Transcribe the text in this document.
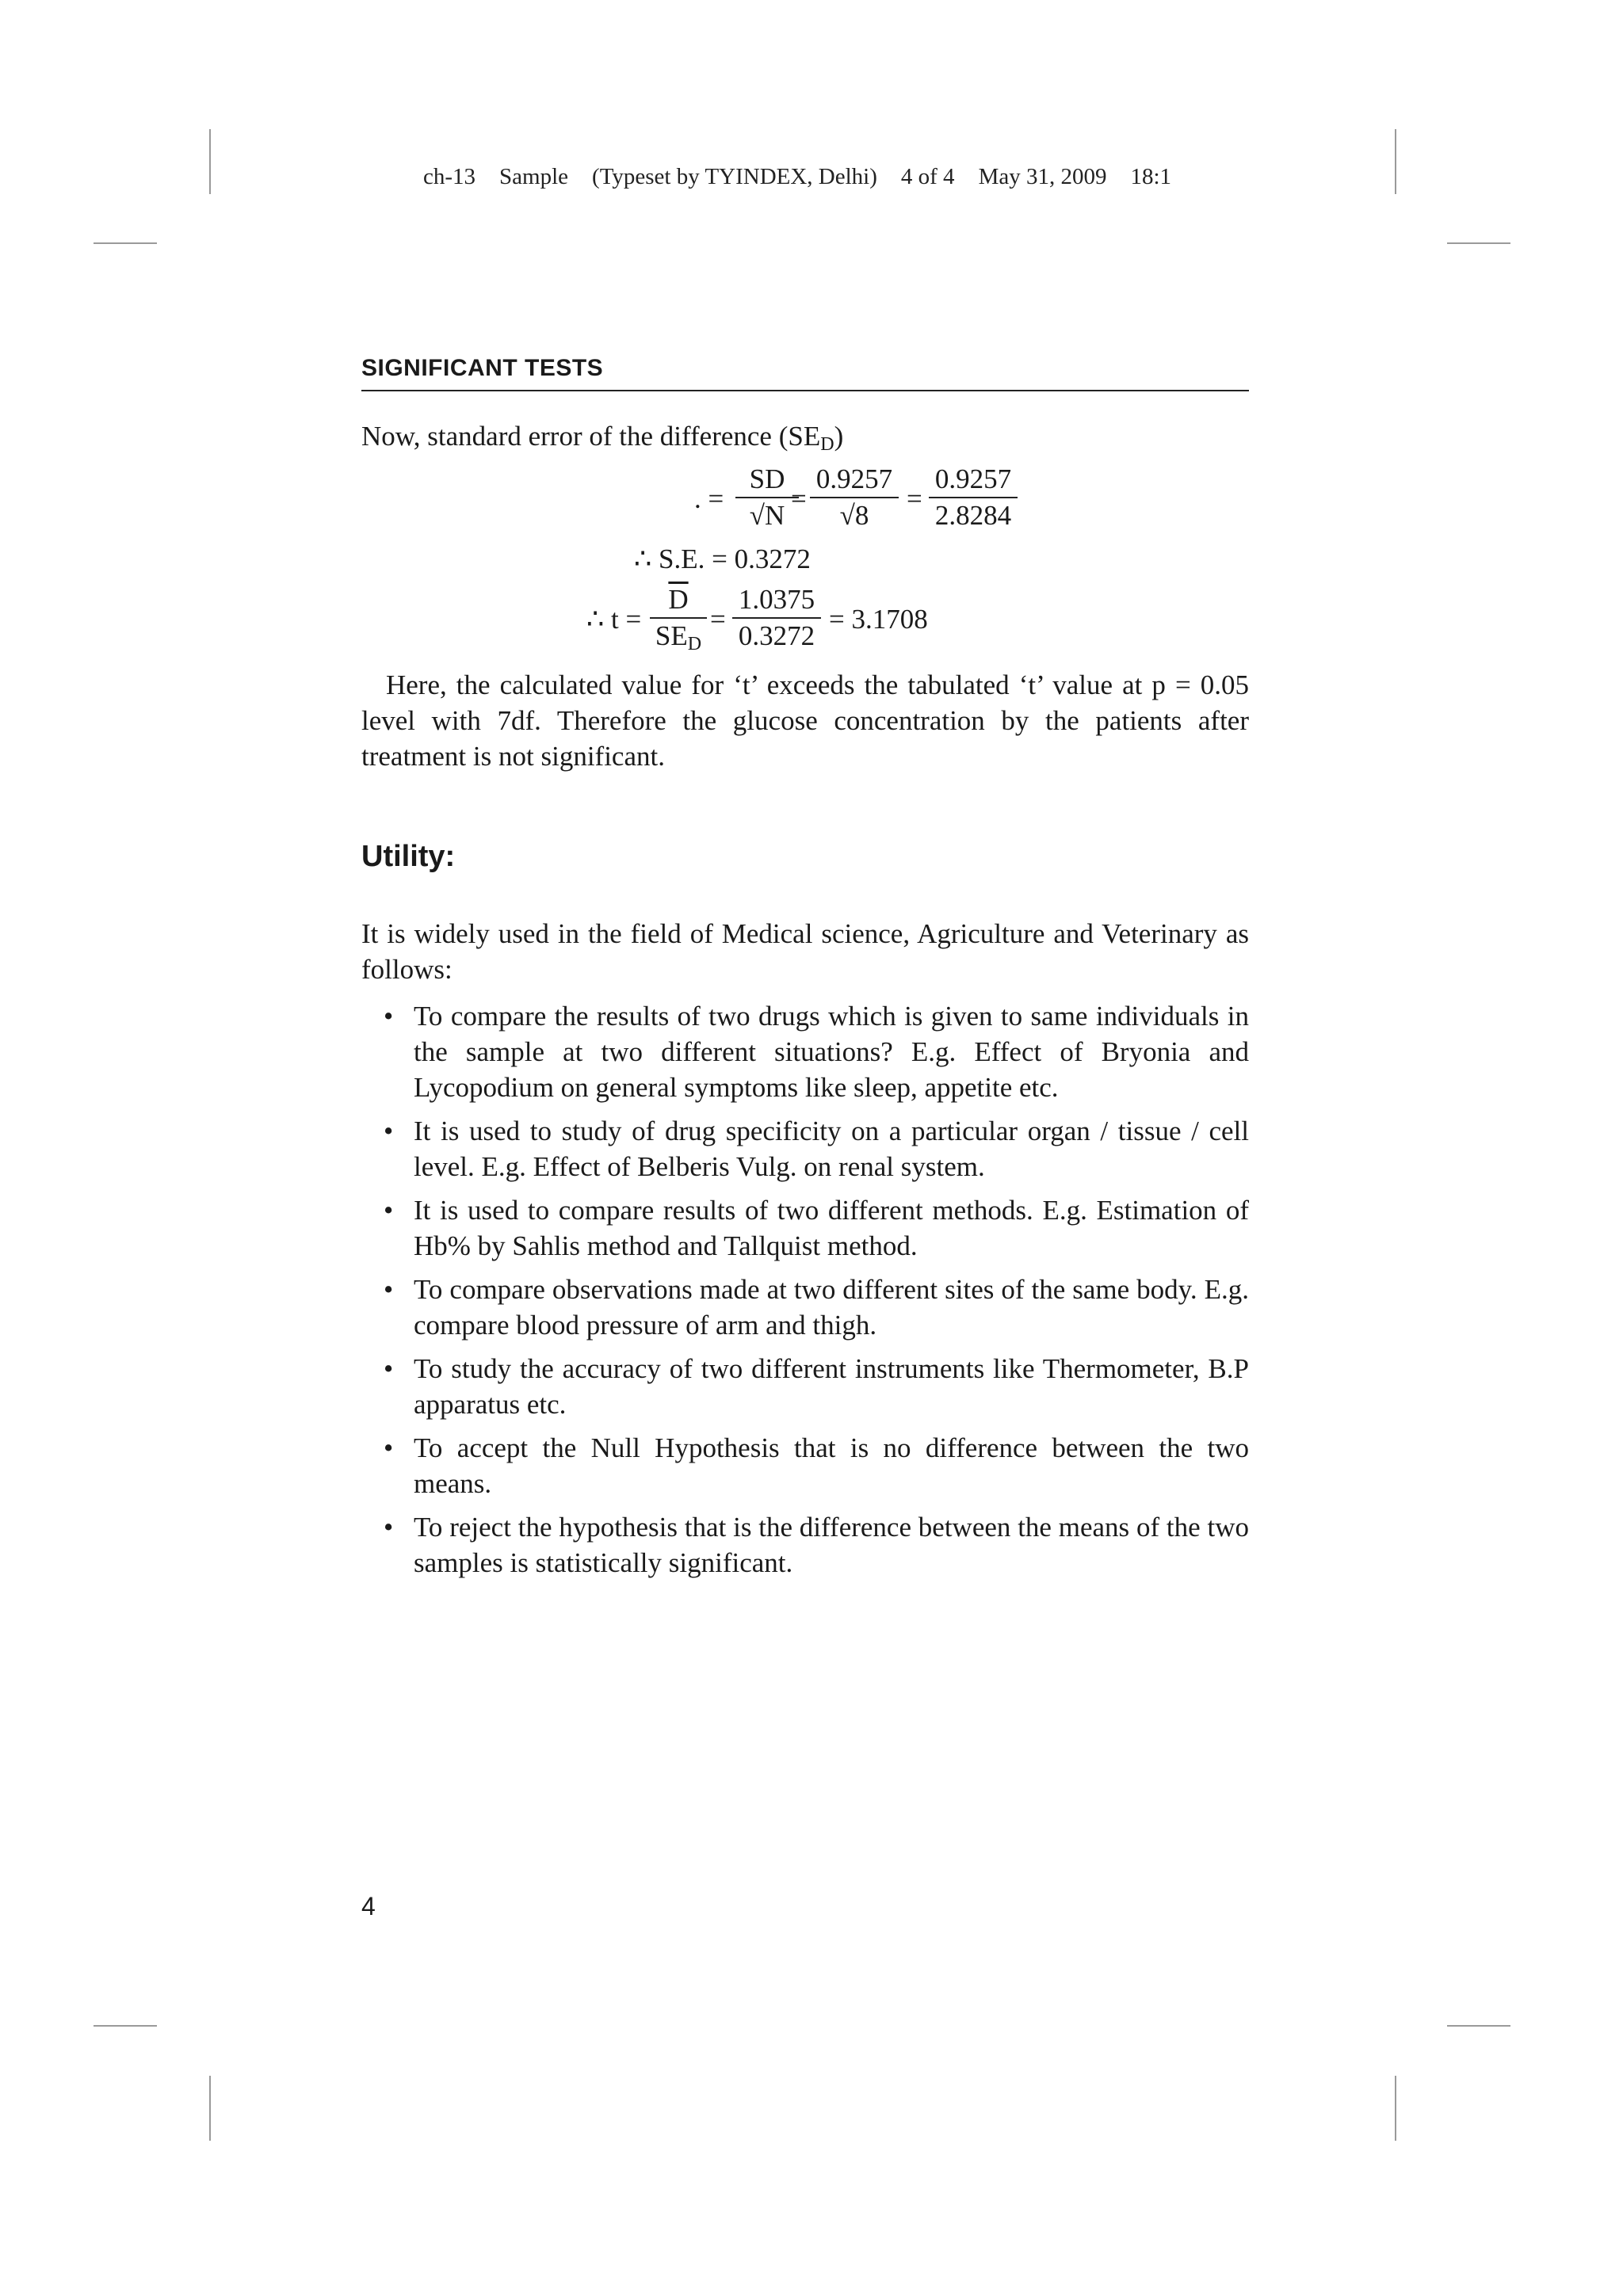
ch-13 Sample (Typeset by TYINDEX, Delhi) 4 of 4 May 31, 2009 18:1
SIGNIFICANT TESTS
Now, standard error of the difference $(SE_D)$
. = $\frac{SD}{√N}$
= $\frac{0.9257}{√8} = \frac{0.9257}{2.8284}$
∴ S.E. = 0.3272
∴ t =
$\overline{D}$
$SE_D$
= $\frac{1.0375}{0.3272} = 3.1708$
Here, the calculated value for ‘t’ exceeds the tabulated ‘t’ value at p = 0.05 level with 7df. Therefore the glucose concentration by the patients after treatment is not significant.
Utility:
It is widely used in the field of Medical science, Agriculture and Veterinary as follows:
• To compare the results of two drugs which is given to same individuals in the sample at two different situations? E.g. Effect of Bryonia and Lycopodium on general symptoms like sleep, appetite etc.
• It is used to study of drug specificity on a particular organ / tissue / cell level. E.g. Effect of Belberis Vulg. on renal system.
• It is used to compare results of two different methods. E.g. Estimation of Hb% by Sahlis method and Tallquist method.
• To compare observations made at two different sites of the same body. E.g. compare blood pressure of arm and thigh.
• To study the accuracy of two different instruments like Thermometer, B.P apparatus etc.
• To accept the Null Hypothesis that is no difference between the two means.
• To reject the hypothesis that is the difference between the means of the two samples is statistically significant.
4
